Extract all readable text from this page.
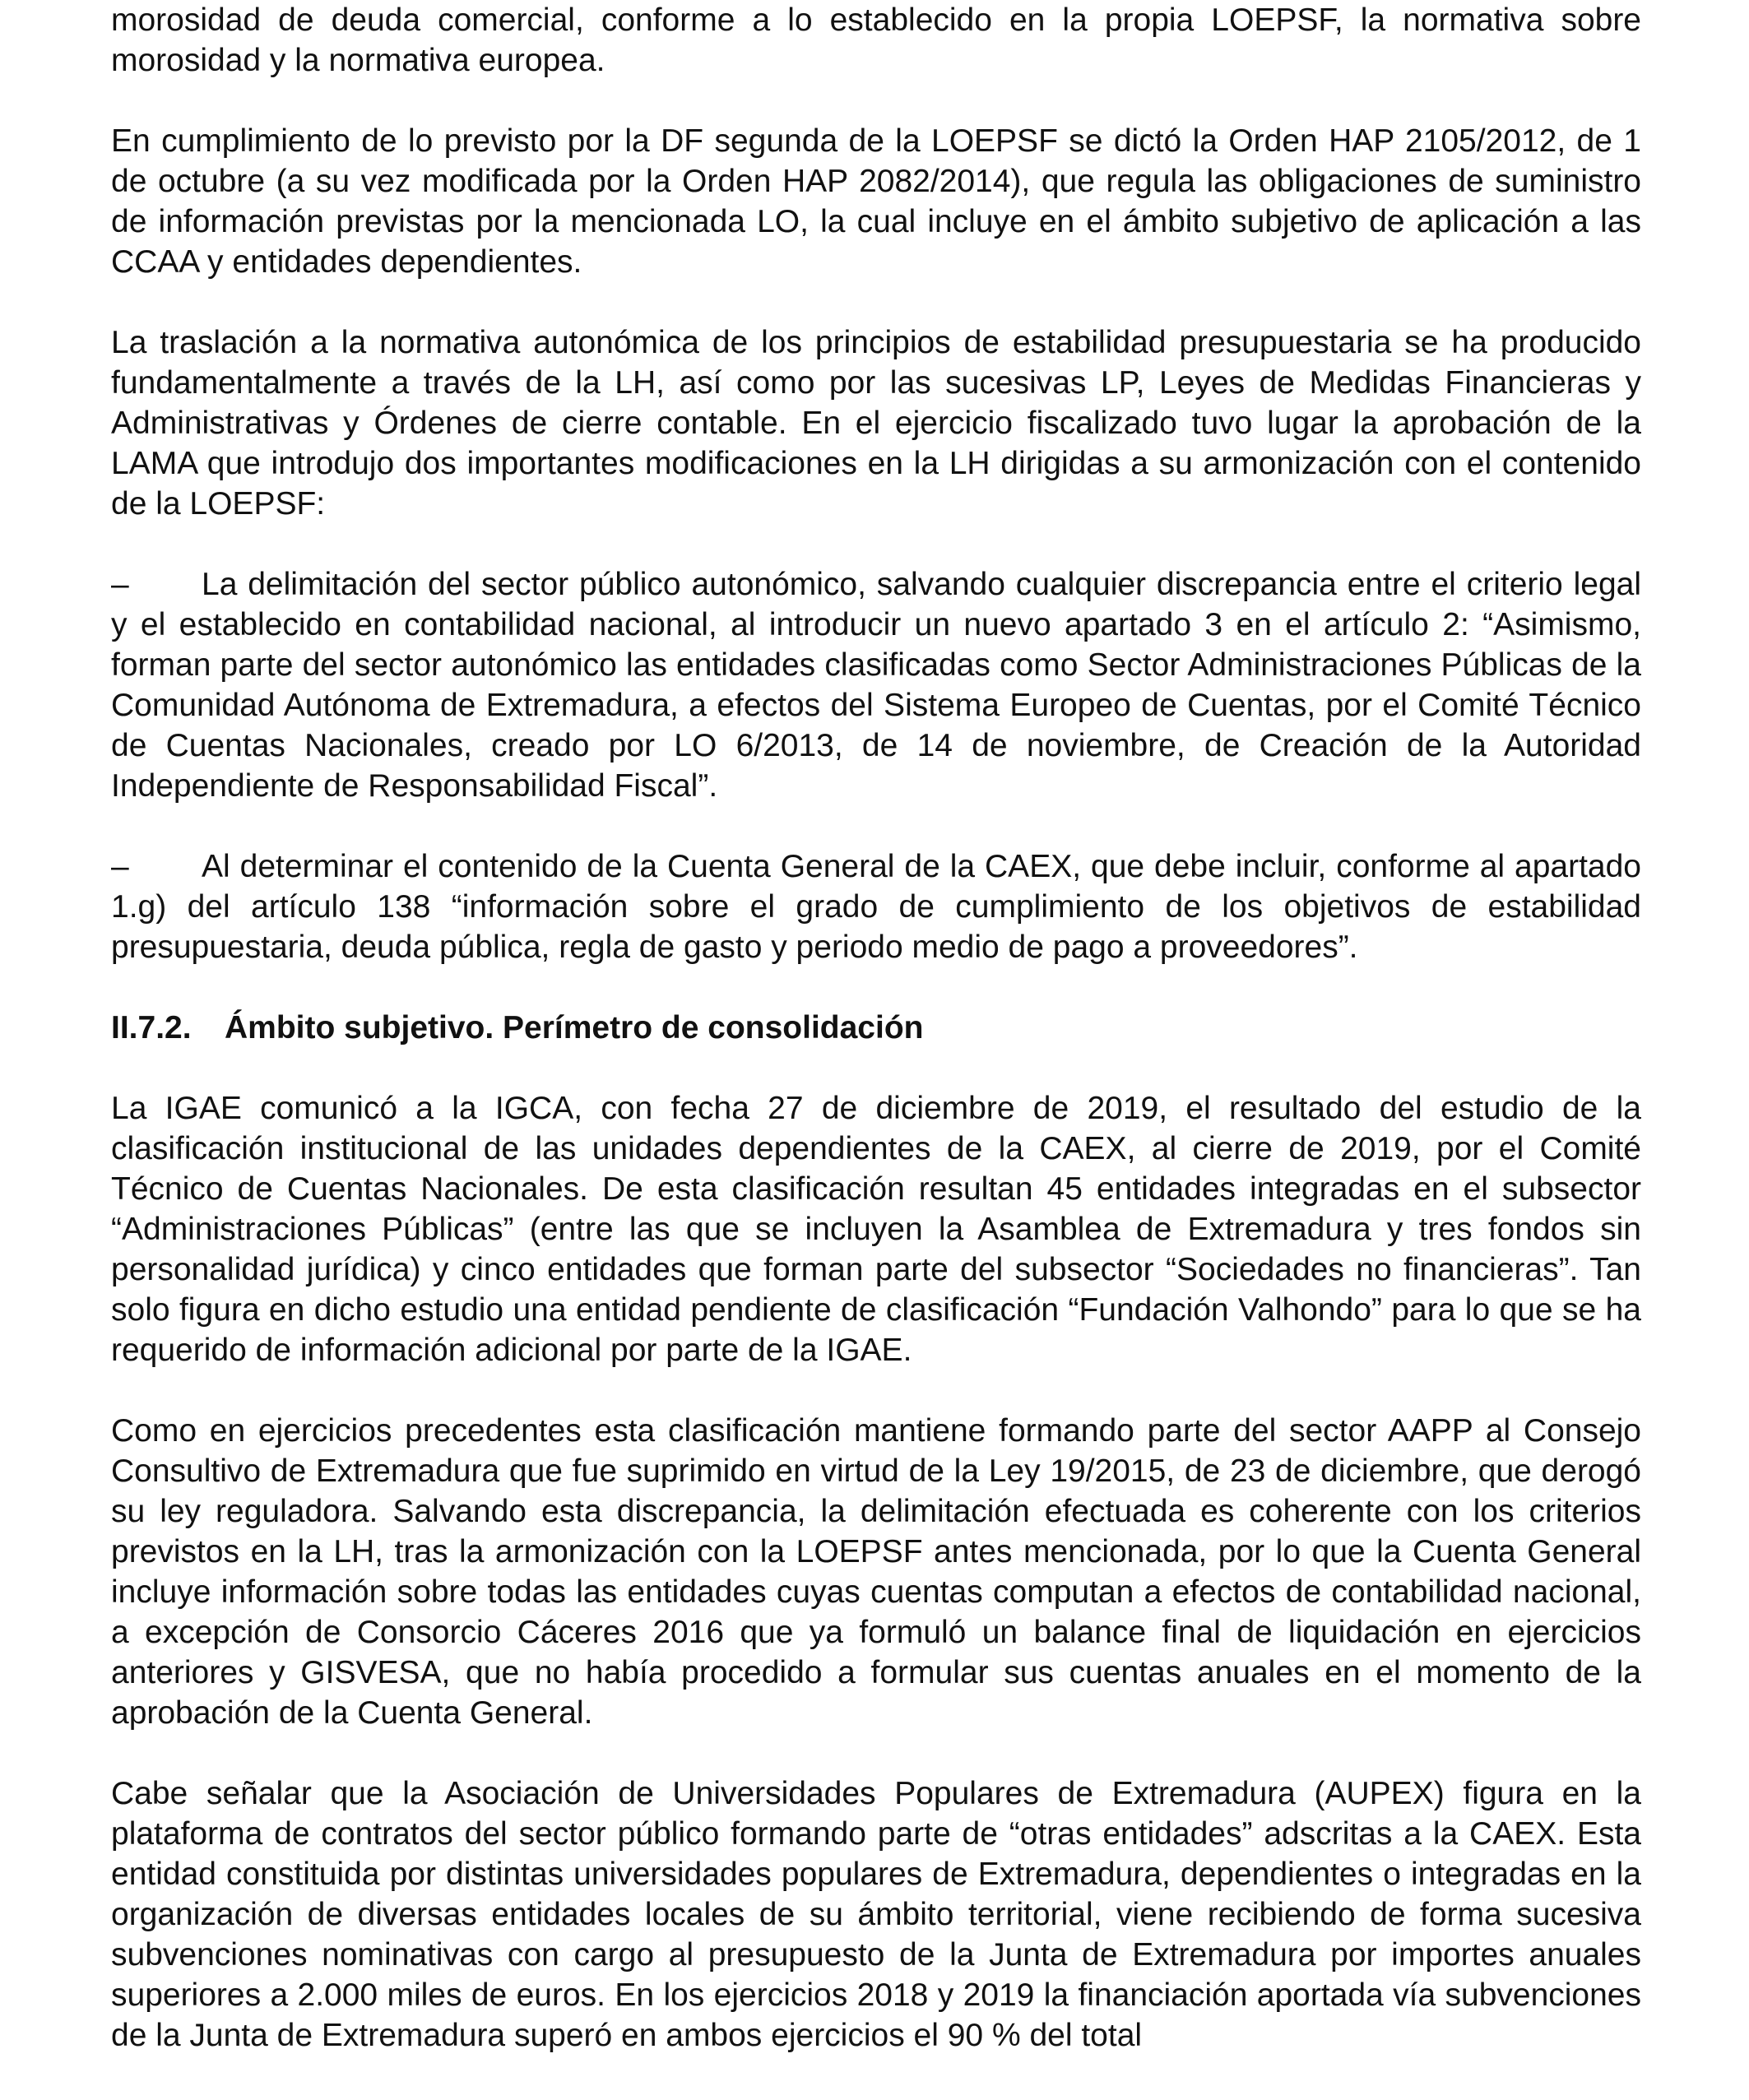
morosidad de deuda comercial, conforme a lo establecido en la propia LOEPSF, la normativa sobre morosidad y la normativa europea.

En cumplimiento de lo previsto por la DF segunda de la LOEPSF se dictó la Orden HAP 2105/2012, de 1 de octubre (a su vez modificada por la Orden HAP 2082/2014), que regula las obligaciones de suministro de información previstas por la mencionada LO, la cual incluye en el ámbito subjetivo de aplicación a las CCAA y entidades dependientes.

La traslación a la normativa autonómica de los principios de estabilidad presupuestaria se ha producido fundamentalmente a través de la LH, así como por las sucesivas LP, Leyes de Medidas Financieras y Administrativas y Órdenes de cierre contable. En el ejercicio fiscalizado tuvo lugar la aprobación de la LAMA que introdujo dos importantes modificaciones en la LH dirigidas a su armonización con el contenido de la LOEPSF:

– La delimitación del sector público autonómico, salvando cualquier discrepancia entre el criterio legal y el establecido en contabilidad nacional, al introducir un nuevo apartado 3 en el artículo 2: “Asimismo, forman parte del sector autonómico las entidades clasificadas como Sector Administraciones Públicas de la Comunidad Autónoma de Extremadura, a efectos del Sistema Europeo de Cuentas, por el Comité Técnico de Cuentas Nacionales, creado por LO 6/2013, de 14 de noviembre, de Creación de la Autoridad Independiente de Responsabilidad Fiscal”.
– Al determinar el contenido de la Cuenta General de la CAEX, que debe incluir, conforme al apartado 1.g) del artículo 138 “información sobre el grado de cumplimiento de los objetivos de estabilidad presupuestaria, deuda pública, regla de gasto y periodo medio de pago a proveedores”.
II.7.2. Ámbito subjetivo. Perímetro de consolidación

La IGAE comunicó a la IGCA, con fecha 27 de diciembre de 2019, el resultado del estudio de la clasificación institucional de las unidades dependientes de la CAEX, al cierre de 2019, por el Comité Técnico de Cuentas Nacionales. De esta clasificación resultan 45 entidades integradas en el subsector “Administraciones Públicas” (entre las que se incluyen la Asamblea de Extremadura y tres fondos sin personalidad jurídica) y cinco entidades que forman parte del subsector “Sociedades no financieras”. Tan solo figura en dicho estudio una entidad pendiente de clasificación “Fundación Valhondo” para lo que se ha requerido de información adicional por parte de la IGAE.

Como en ejercicios precedentes esta clasificación mantiene formando parte del sector AAPP al Consejo Consultivo de Extremadura que fue suprimido en virtud de la Ley 19/2015, de 23 de diciembre, que derogó su ley reguladora. Salvando esta discrepancia, la delimitación efectuada es coherente con los criterios previstos en la LH, tras la armonización con la LOEPSF antes mencionada, por lo que la Cuenta General incluye información sobre todas las entidades cuyas cuentas computan a efectos de contabilidad nacional, a excepción de Consorcio Cáceres 2016 que ya formuló un balance final de liquidación en ejercicios anteriores y GISVESA, que no había procedido a formular sus cuentas anuales en el momento de la aprobación de la Cuenta General.

Cabe señalar que la Asociación de Universidades Populares de Extremadura (AUPEX) figura en la plataforma de contratos del sector público formando parte de “otras entidades” adscritas a la CAEX. Esta entidad constituida por distintas universidades populares de Extremadura, dependientes o integradas en la organización de diversas entidades locales de su ámbito territorial, viene recibiendo de forma sucesiva subvenciones nominativas con cargo al presupuesto de la Junta de Extremadura por importes anuales superiores a 2.000 miles de euros. En los ejercicios 2018 y 2019 la financiación aportada vía subvenciones de la Junta de Extremadura superó en ambos ejercicios el 90 % del total
